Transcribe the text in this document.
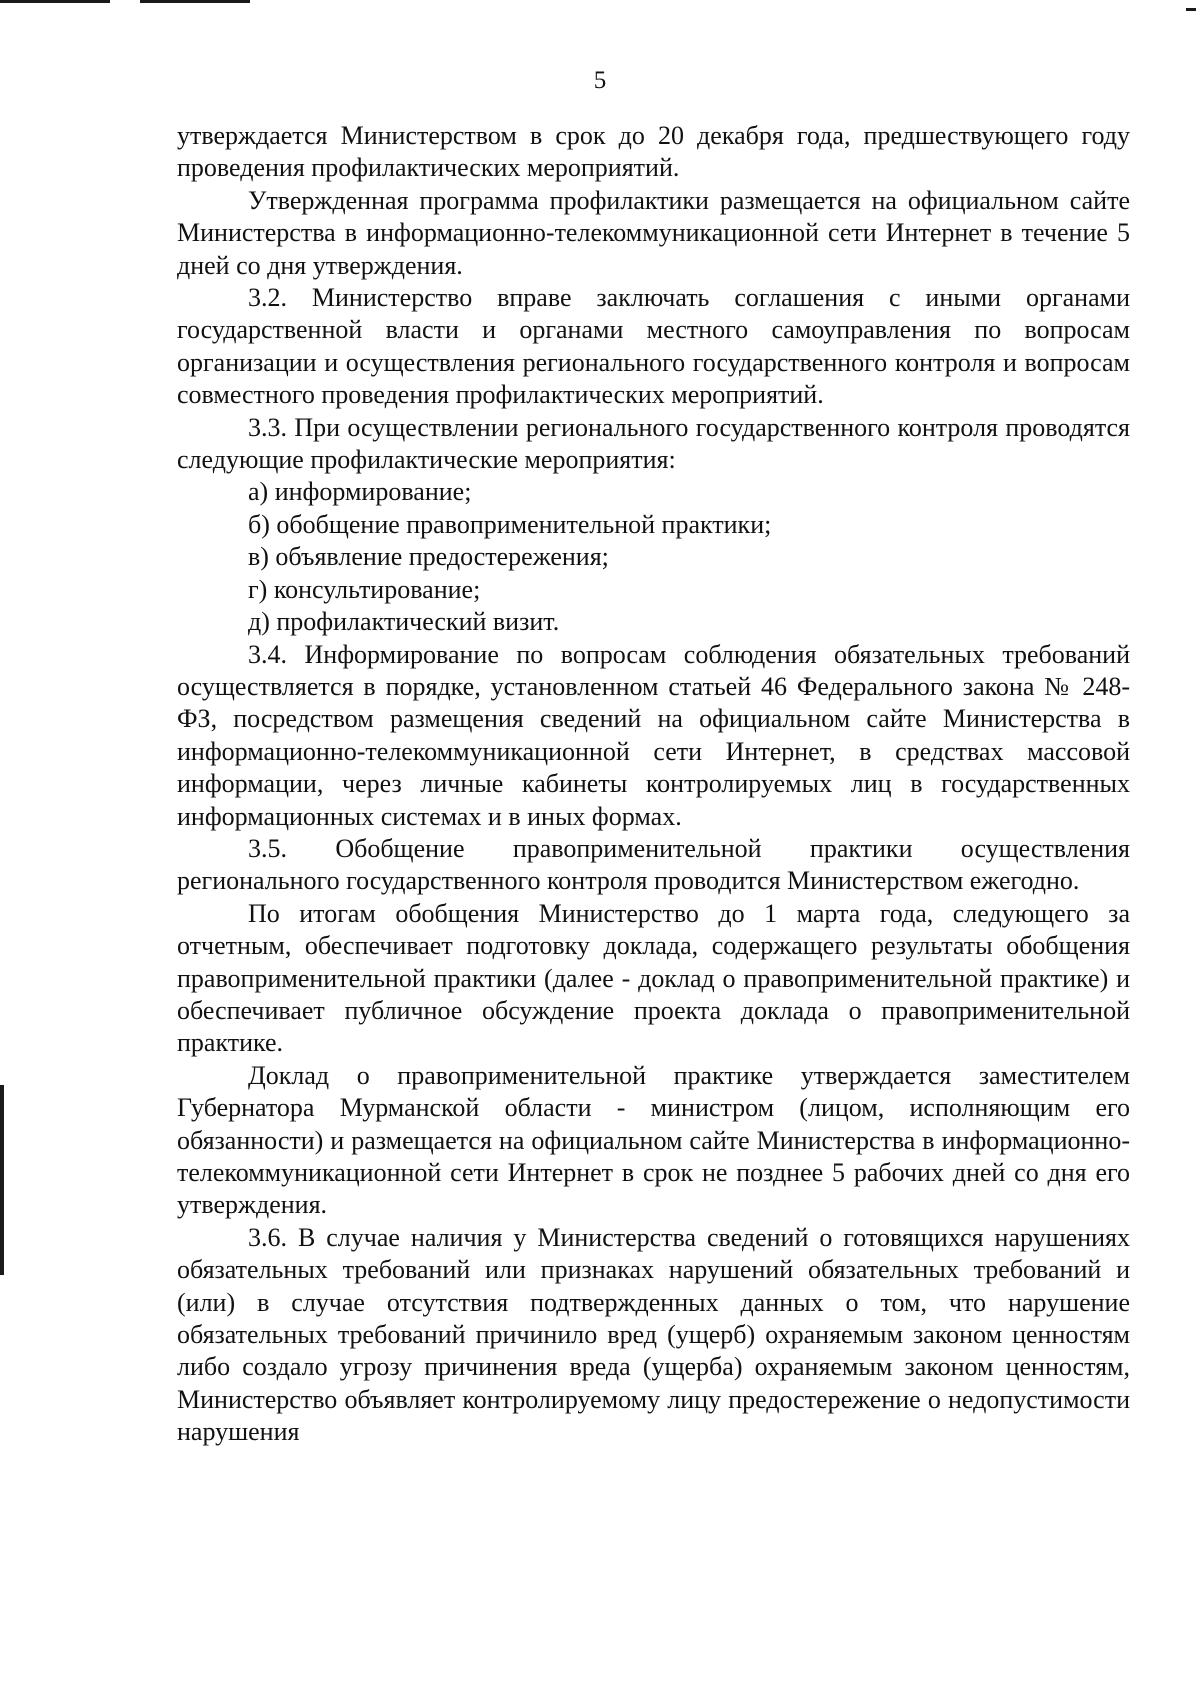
5

утверждается Министерством в срок до 20 декабря года, предшествующего году проведения профилактических мероприятий.

Утвержденная программа профилактики размещается на официальном сайте Министерства в информационно-телекоммуникационной сети Интернет в течение 5 дней со дня утверждения.

3.2. Министерство вправе заключать соглашения с иными органами государственной власти и органами местного самоуправления по вопросам организации и осуществления регионального государственного контроля и вопросам совместного проведения профилактических мероприятий.

3.3. При осуществлении регионального государственного контроля проводятся следующие профилактические мероприятия:

а) информирование;

б) обобщение правоприменительной практики;

в) объявление предостережения;

г) консультирование;

д) профилактический визит.

3.4. Информирование по вопросам соблюдения обязательных требований осуществляется в порядке, установленном статьей 46 Федерального закона № 248-ФЗ, посредством размещения сведений на официальном сайте Министерства в информационно-телекоммуникационной сети Интернет, в средствах массовой информации, через личные кабинеты контролируемых лиц в государственных информационных системах и в иных формах.

3.5. Обобщение правоприменительной практики осуществления регионального государственного контроля проводится Министерством ежегодно.

По итогам обобщения Министерство до 1 марта года, следующего за отчетным, обеспечивает подготовку доклада, содержащего результаты обобщения правоприменительной практики (далее - доклад о правоприменительной практике) и обеспечивает публичное обсуждение проекта доклада о правоприменительной практике.

Доклад о правоприменительной практике утверждается заместителем Губернатора Мурманской области - министром (лицом, исполняющим его обязанности) и размещается на официальном сайте Министерства в информационно-телекоммуникационной сети Интернет в срок не позднее 5 рабочих дней со дня его утверждения.

3.6. В случае наличия у Министерства сведений о готовящихся нарушениях обязательных требований или признаках нарушений обязательных требований и (или) в случае отсутствия подтвержденных данных о том, что нарушение обязательных требований причинило вред (ущерб) охраняемым законом ценностям либо создало угрозу причинения вреда (ущерба) охраняемым законом ценностям, Министерство объявляет контролируемому лицу предостережение о недопустимости нарушения
